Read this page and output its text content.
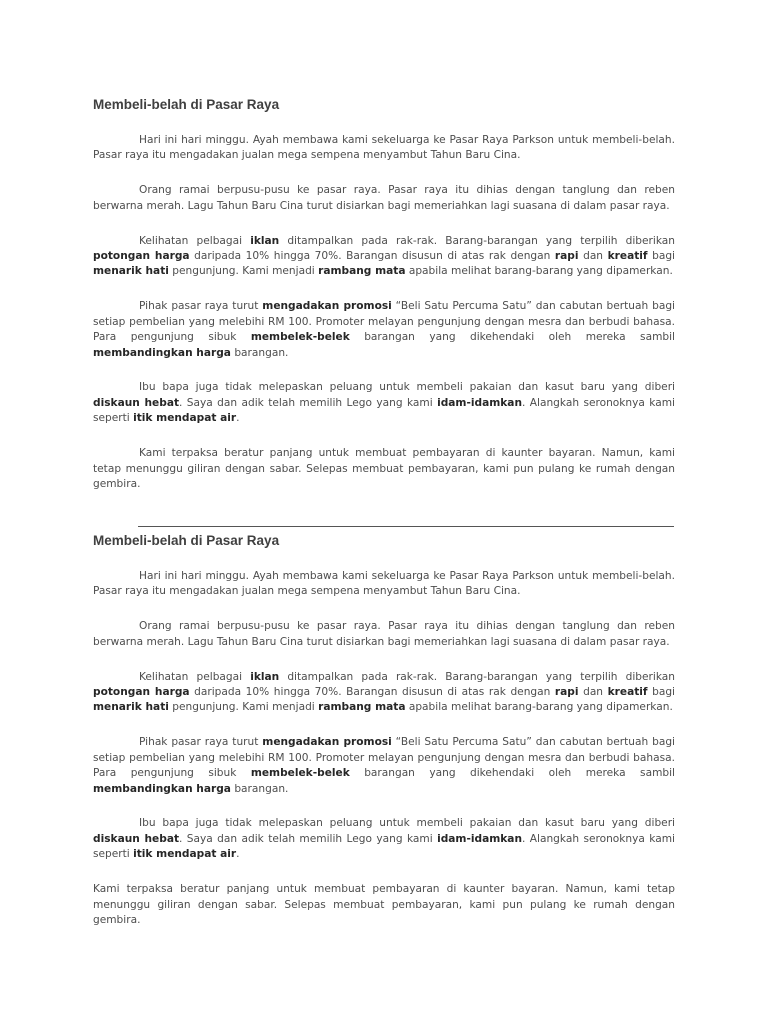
Membeli-belah di Pasar Raya

Hari ini hari minggu. Ayah membawa kami sekeluarga ke Pasar Raya Parkson untuk membeli-belah. Pasar raya itu mengadakan jualan mega sempena menyambut Tahun Baru Cina.

Orang ramai berpusu-pusu ke pasar raya. Pasar raya itu dihias dengan tanglung dan reben berwarna merah. Lagu Tahun Baru Cina turut disiarkan bagi memeriahkan lagi suasana di dalam pasar raya.

Kelihatan pelbagai iklan ditampalkan pada rak-rak. Barang-barangan yang terpilih diberikan potongan harga daripada 10% hingga 70%. Barangan disusun di atas rak dengan rapi dan kreatif bagi menarik hati pengunjung. Kami menjadi rambang mata apabila melihat barang-barang yang dipamerkan.

Pihak pasar raya turut mengadakan promosi “Beli Satu Percuma Satu” dan cabutan bertuah bagi setiap pembelian yang melebihi RM 100. Promoter melayan pengunjung dengan mesra dan berbudi bahasa. Para pengunjung sibuk membelek-belek barangan yang dikehendaki oleh mereka sambil membandingkan harga barangan.

Ibu bapa juga tidak melepaskan peluang untuk membeli pakaian dan kasut baru yang diberi diskaun hebat. Saya dan adik telah memilih Lego yang kami idam-idamkan. Alangkah seronoknya kami seperti itik mendapat air.

Kami terpaksa beratur panjang untuk membuat pembayaran di kaunter bayaran. Namun, kami tetap menunggu giliran dengan sabar. Selepas membuat pembayaran, kami pun pulang ke rumah dengan gembira.

Membeli-belah di Pasar Raya

Hari ini hari minggu. Ayah membawa kami sekeluarga ke Pasar Raya Parkson untuk membeli-belah. Pasar raya itu mengadakan jualan mega sempena menyambut Tahun Baru Cina.

Orang ramai berpusu-pusu ke pasar raya. Pasar raya itu dihias dengan tanglung dan reben berwarna merah. Lagu Tahun Baru Cina turut disiarkan bagi memeriahkan lagi suasana di dalam pasar raya.

Kelihatan pelbagai iklan ditampalkan pada rak-rak. Barang-barangan yang terpilih diberikan potongan harga daripada 10% hingga 70%. Barangan disusun di atas rak dengan rapi dan kreatif bagi menarik hati pengunjung. Kami menjadi rambang mata apabila melihat barang-barang yang dipamerkan.

Pihak pasar raya turut mengadakan promosi “Beli Satu Percuma Satu” dan cabutan bertuah bagi setiap pembelian yang melebihi RM 100. Promoter melayan pengunjung dengan mesra dan berbudi bahasa. Para pengunjung sibuk membelek-belek barangan yang dikehendaki oleh mereka sambil membandingkan harga barangan.

Ibu bapa juga tidak melepaskan peluang untuk membeli pakaian dan kasut baru yang diberi diskaun hebat. Saya dan adik telah memilih Lego yang kami idam-idamkan. Alangkah seronoknya kami seperti itik mendapat air.

Kami terpaksa beratur panjang untuk membuat pembayaran di kaunter bayaran. Namun, kami tetap menunggu giliran dengan sabar. Selepas membuat pembayaran, kami pun pulang ke rumah dengan gembira.
